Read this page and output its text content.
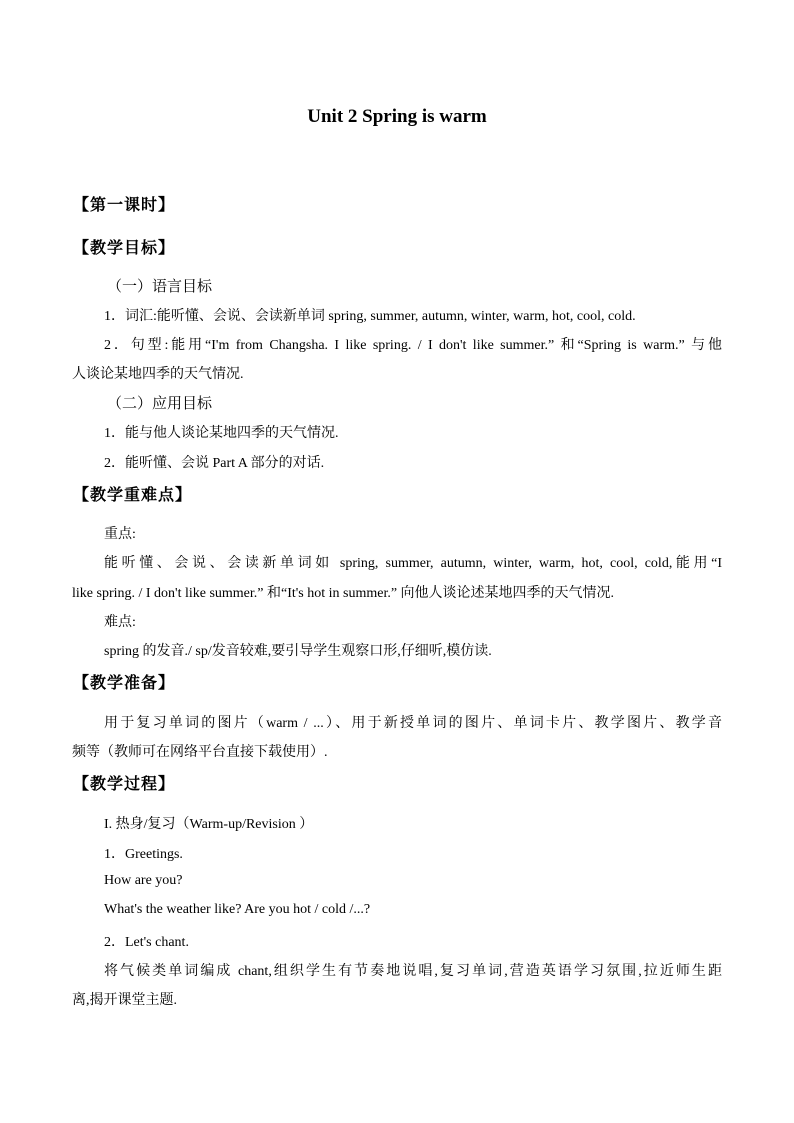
Unit 2 Spring is warm
【第一课时】
【教学目标】
（一）语言目标
1．词汇:能听懂、会说、会读新单词 spring, summer, autumn, winter, warm, hot, cool, cold.
2．句型:能用“I'm from Changsha. I like spring. / I don't like summer.” 和“Spring is warm.” 与他
人谈论某地四季的天气情况.
（二）应用目标
1．能与他人谈论某地四季的天气情况.
2．能听懂、会说 Part A 部分的对话.
【教学重难点】
重点:
能听懂、会说、会读新单词如 spring, summer, autumn, winter, warm, hot, cool, cold,能用“I
like spring. / I don't like summer.” 和“It's hot in summer.” 向他人谈论述某地四季的天气情况.
难点:
spring 的发音./ sp/发音较难,要引导学生观察口形,仔细听,模仿读.
【教学准备】
用于复习单词的图片（warm / ...）、用于新授单词的图片、单词卡片、教学图片、教学音
频等（教师可在网络平台直接下载使用）.
【教学过程】
I. 热身/复习（Warm-up/Revision ）
1．Greetings.
How are you?
What's the weather like? Are you hot / cold /...?
2．Let's chant.
将气候类单词编成 chant,组织学生有节奏地说唱,复习单词,营造英语学习氛围,拉近师生距
离,揭开课堂主题.
